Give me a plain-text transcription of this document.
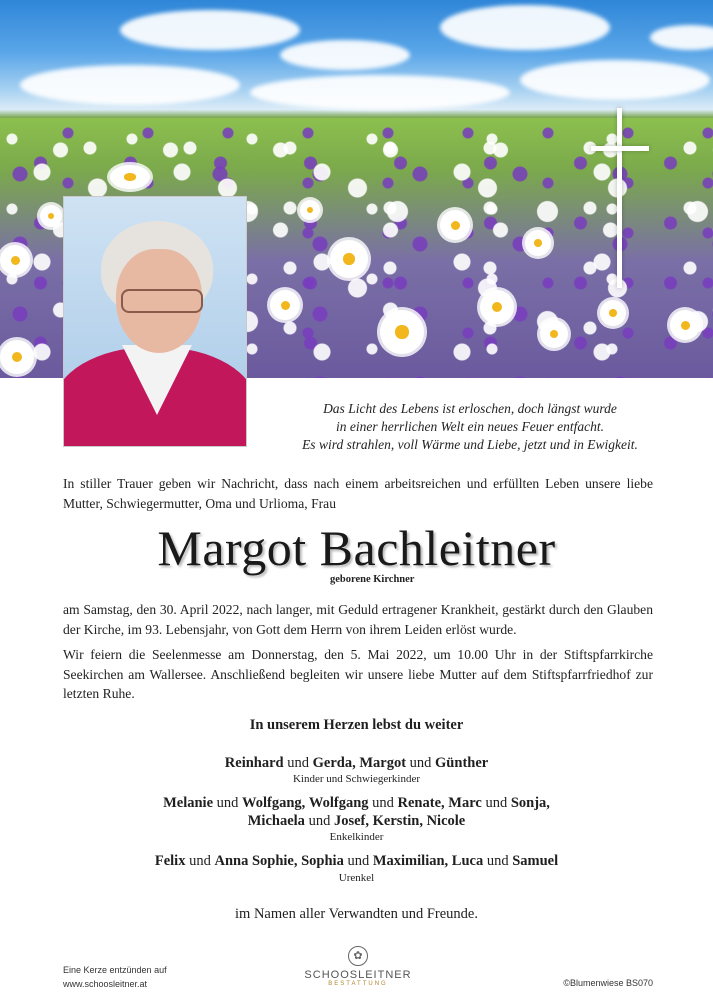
Das Licht des Lebens ist erloschen, doch längst wurde
in einer herrlichen Welt ein neues Feuer entfacht.
Es wird strahlen, voll Wärme und Liebe, jetzt und in Ewigkeit.
In stiller Trauer geben wir Nachricht, dass nach einem arbeitsreichen und erfüllten Leben unsere liebe Mutter, Schwiegermutter, Oma und Urlioma, Frau
Margot Bachleitner
geborene Kirchner
am Samstag, den 30. April 2022, nach langer, mit Geduld ertragener Krankheit, gestärkt durch den Glauben der Kirche, im 93. Lebensjahr, von Gott dem Herrn von ihrem Leiden erlöst wurde.
Wir feiern die Seelenmesse am Donnerstag, den 5. Mai 2022, um 10.00 Uhr in der Stiftspfarrkirche Seekirchen am Wallersee. Anschließend begleiten wir unsere liebe Mutter auf dem Stiftspfarrfriedhof zur letzten Ruhe.
In unserem Herzen lebst du weiter
Reinhard und Gerda, Margot und Günther
Kinder und Schwiegerkinder
Melanie und Wolfgang, Wolfgang und Renate, Marc und Sonja,
Michaela und Josef, Kerstin, Nicole
Enkelkinder
Felix und Anna Sophie, Sophia und Maximilian, Luca und Samuel
Urenkel
im Namen aller Verwandten und Freunde.
Eine Kerze entzünden auf
www.schoosleitner.at
✿
SCHOOSLEITNER
BESTATTUNG	©Blumenwiese BS070
